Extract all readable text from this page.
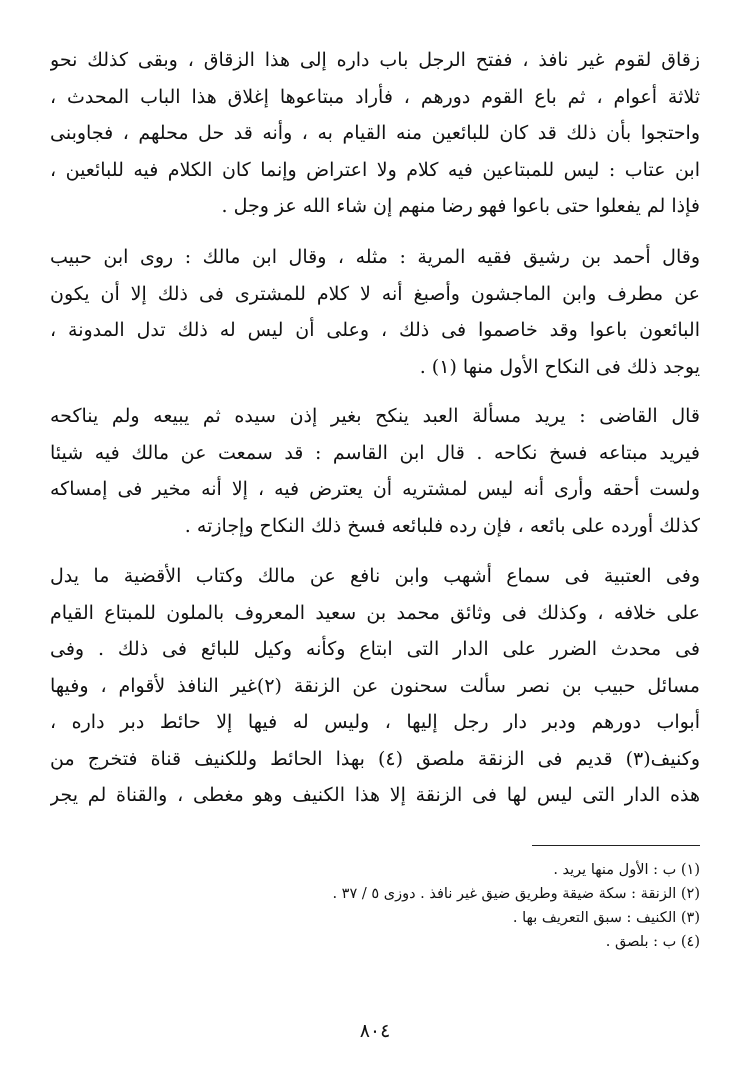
زقاق لقوم غير نافذ ، ففتح الرجل باب داره إلى هذا الزقاق ، وبقى كذلك نحو
ثلاثة أعوام ، ثم باع القوم دورهم ، فأراد مبتاعوها إغلاق هذا الباب المحدث ،
واحتجوا بأن ذلك قد كان للبائعين منه القيام به ، وأنه قد حل محلهم ، فجاوبنى
ابن عتاب : ليس للمبتاعين فيه كلام ولا اعتراض وإنما كان الكلام فيه للبائعين ،
فإذا لم يفعلوا حتى باعوا فهو رضا منهم إن شاء الله عز وجل .
وقال أحمد بن رشيق فقيه المرية : مثله ، وقال ابن مالك : روى ابن حبيب
عن مطرف وابن الماجشون وأصبغ أنه لا كلام للمشترى فى ذلك إلا أن يكون
البائعون باعوا وقد خاصموا فى ذلك ، وعلى أن ليس له ذلك تدل المدونة ،
يوجد ذلك فى النكاح الأول منها (١) .
قال القاضى : يريد مسألة العبد ينكح بغير إذن سيده ثم يبيعه ولم يناكحه
فيريد مبتاعه فسخ نكاحه . قال ابن القاسم : قد سمعت عن مالك فيه شيئا
ولست أحقه وأرى أنه ليس لمشتريه أن يعترض فيه ، إلا أنه مخير فى إمساكه
كذلك أورده على بائعه ، فإن رده فلبائعه فسخ ذلك النكاح وإجازته .
وفى العتبية فى سماع أشهب وابن نافع عن مالك وكتاب الأقضية ما يدل
على خلافه ، وكذلك فى وثائق محمد بن سعيد المعروف بالملون للمبتاع القيام
فى محدث الضرر على الدار التى ابتاع وكأنه وكيل للبائع فى ذلك . وفى
مسائل حبيب بن نصر سألت سحنون عن الزنقة (٢)غير النافذ لأقوام ، وفيها
أبواب دورهم ودبر دار رجل إليها ، وليس له فيها إلا حائط دبر داره ،
وكنيف(٣) قديم فى الزنقة ملصق (٤) بهذا الحائط وللكنيف قناة فتخرج من
هذه الدار التى ليس لها فى الزنقة إلا هذا الكنيف وهو مغطى ، والقناة لم يجر
(١) ب : الأول منها يريد .
(٢) الزنقة : سكة ضيقة وطريق ضيق غير نافذ . دوزى ٥ / ٣٧ .
(٣) الكنيف : سبق التعريف بها .
(٤) ب : بلصق .
٨٠٤
